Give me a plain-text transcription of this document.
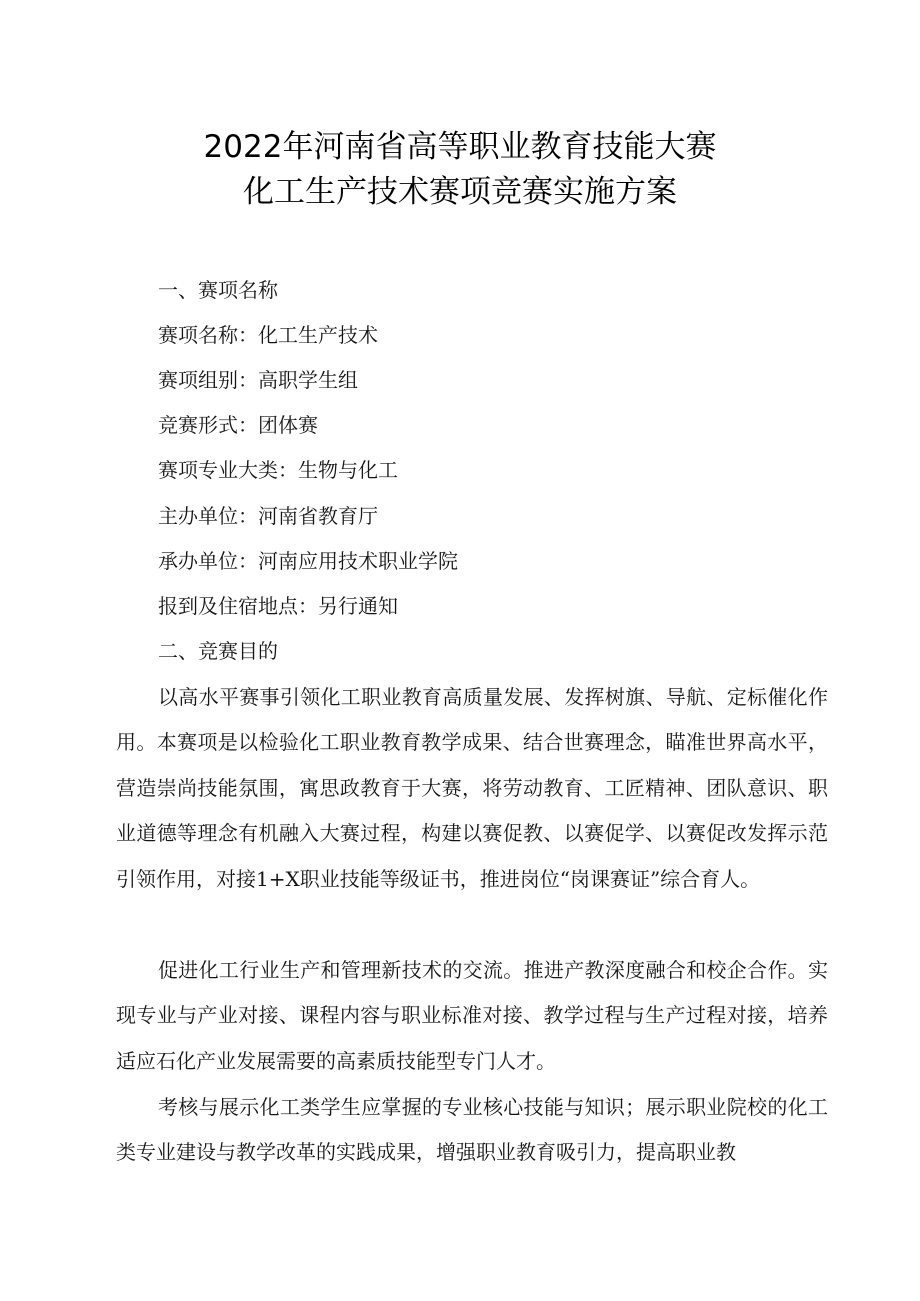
2022年河南省高等职业教育技能大赛
化工生产技术赛项竞赛实施方案
一、赛项名称
赛项名称：化工生产技术
赛项组别：高职学生组
竞赛形式：团体赛
赛项专业大类：生物与化工
主办单位：河南省教育厅
承办单位：河南应用技术职业学院
报到及住宿地点：另行通知
二、竞赛目的
以高水平赛事引领化工职业教育高质量发展、发挥树旗、导航、定标催化作用。本赛项是以检验化工职业教育教学成果、结合世赛理念，瞄准世界高水平，营造崇尚技能氛围，寓思政教育于大赛，将劳动教育、工匠精神、团队意识、职业道德等理念有机融入大赛过程，构建以赛促教、以赛促学、以赛促改发挥示范引领作用，对接1+X职业技能等级证书，推进岗位“岗课赛证”综合育人。
促进化工行业生产和管理新技术的交流。推进产教深度融合和校企合作。实现专业与产业对接、课程内容与职业标准对接、教学过程与生产过程对接，培养适应石化产业发展需要的高素质技能型专门人才。
考核与展示化工类学生应掌握的专业核心技能与知识；展示职业院校的化工类专业建设与教学改革的实践成果，增强职业教育吸引力，提高职业教
